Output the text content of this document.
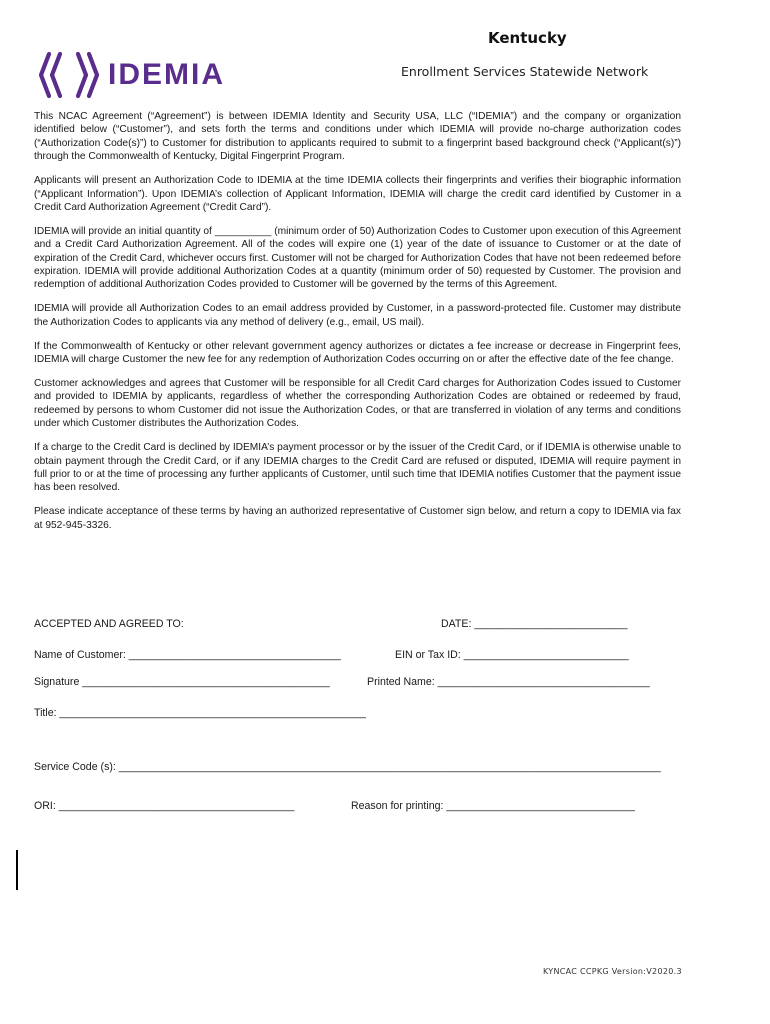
IDEMIA
Kentucky
Enrollment Services Statewide Network

This NCAC Agreement (“Agreement”) is between IDEMIA Identity and Security USA, LLC (“IDEMIA”) and the company or organization identified below (“Customer”), and sets forth the terms and conditions under which IDEMIA will provide no-charge authorization codes (“Authorization Code(s)”) to Customer for distribution to applicants required to submit to a fingerprint based background check (“Applicant(s)”) through the Commonwealth of Kentucky, Digital Fingerprint Program.

Applicants will present an Authorization Code to IDEMIA at the time IDEMIA collects their fingerprints and verifies their biographic information (“Applicant Information”). Upon IDEMIA’s collection of Applicant Information, IDEMIA will charge the credit card identified by Customer in a Credit Card Authorization Agreement (“Credit Card”).

IDEMIA will provide an initial quantity of __________ (minimum order of 50) Authorization Codes to Customer upon execution of this Agreement and a Credit Card Authorization Agreement. All of the codes will expire one (1) year of the date of issuance to Customer or at the date of expiration of the Credit Card, whichever occurs first. Customer will not be charged for Authorization Codes that have not been redeemed before expiration. IDEMIA will provide additional Authorization Codes at a quantity (minimum order of 50) requested by Customer. The provision and redemption of additional Authorization Codes provided to Customer will be governed by the terms of this Agreement.

IDEMIA will provide all Authorization Codes to an email address provided by Customer, in a password-protected file. Customer may distribute the Authorization Codes to applicants via any method of delivery (e.g., email, US mail).

If the Commonwealth of Kentucky or other relevant government agency authorizes or dictates a fee increase or decrease in Fingerprint fees, IDEMIA will charge Customer the new fee for any redemption of Authorization Codes occurring on or after the effective date of the fee change.

Customer acknowledges and agrees that Customer will be responsible for all Credit Card charges for Authorization Codes issued to Customer and provided to IDEMIA by applicants, regardless of whether the corresponding Authorization Codes are obtained or redeemed by fraud, redeemed by persons to whom Customer did not issue the Authorization Codes, or that are transferred in violation of any terms and conditions under which Customer distributes the Authorization Codes.

If a charge to the Credit Card is declined by IDEMIA’s payment processor or by the issuer of the Credit Card, or if IDEMIA is otherwise unable to obtain payment through the Credit Card, or if any IDEMIA charges to the Credit Card are refused or disputed, IDEMIA will require payment in full prior to or at the time of processing any further applicants of Customer, until such time that IDEMIA notifies Customer that the payment issue has been resolved.

Please indicate acceptance of these terms by having an authorized representative of Customer sign below, and return a copy to IDEMIA via fax at 952-945-3326.

ACCEPTED AND AGREED TO:	DATE: __________________________
Name of Customer: ____________________________________	EIN or Tax ID: ____________________________
Signature __________________________________________	Printed Name: ____________________________________
Title: ____________________________________________________
Service Code (s): ____________________________________________________________________________________________
ORI: ________________________________________	Reason for printing: ________________________________
KYNCAC CCPKG Version:V2020.3
